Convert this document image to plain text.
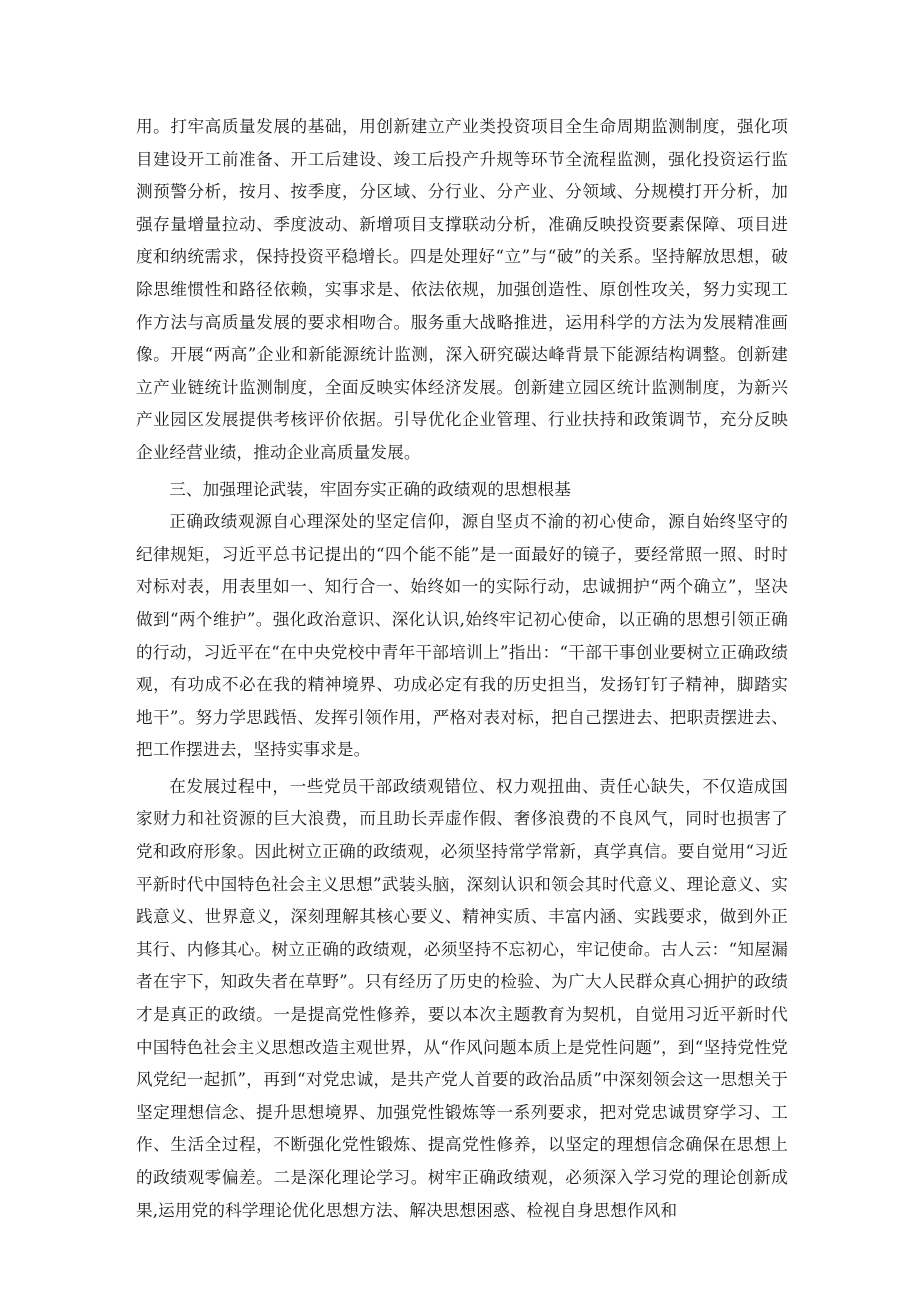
用。打牢高质量发展的基础，用创新建立产业类投资项目全生命周期监测制度，强化项目建设开工前准备、开工后建设、竣工后投产升规等环节全流程监测，强化投资运行监测预警分析，按月、按季度，分区域、分行业、分产业、分领域、分规模打开分析，加强存量增量拉动、季度波动、新增项目支撑联动分析，准确反映投资要素保障、项目进度和纳统需求，保持投资平稳增长。四是处理好“立”与“破”的关系。坚持解放思想，破除思维惯性和路径依赖，实事求是、依法依规，加强创造性、原创性攻关，努力实现工作方法与高质量发展的要求相吻合。服务重大战略推进，运用科学的方法为发展精准画像。开展“两高”企业和新能源统计监测，深入研究碳达峰背景下能源结构调整。创新建立产业链统计监测制度，全面反映实体经济发展。创新建立园区统计监测制度，为新兴产业园区发展提供考核评价依据。引导优化企业管理、行业扶持和政策调节，充分反映企业经营业绩，推动企业高质量发展。

三、加强理论武装，牢固夯实正确的政绩观的思想根基

正确政绩观源自心理深处的坚定信仰，源自坚贞不渝的初心使命，源自始终坚守的纪律规矩，习近平总书记提出的“四个能不能”是一面最好的镜子，要经常照一照、时时对标对表，用表里如一、知行合一、始终如一的实际行动，忠诚拥护“两个确立”，坚决做到“两个维护”。强化政治意识、深化认识,始终牢记初心使命，以正确的思想引领正确的行动，习近平在“在中央党校中青年干部培训上”指出：“干部干事创业要树立正确政绩观，有功成不必在我的精神境界、功成必定有我的历史担当，发扬钉钉子精神，脚踏实地干”。努力学思践悟、发挥引领作用，严格对表对标，把自己摆进去、把职责摆进去、把工作摆进去，坚持实事求是。

在发展过程中，一些党员干部政绩观错位、权力观扭曲、责任心缺失，不仅造成国家财力和社资源的巨大浪费，而且助长弄虚作假、奢侈浪费的不良风气，同时也损害了党和政府形象。因此树立正确的政绩观，必须坚持常学常新，真学真信。要自觉用“习近平新时代中国特色社会主义思想”武装头脑，深刻认识和领会其时代意义、理论意义、实践意义、世界意义，深刻理解其核心要义、精神实质、丰富内涵、实践要求，做到外正其行、内修其心。树立正确的政绩观，必须坚持不忘初心，牢记使命。古人云：“知屋漏者在宇下，知政失者在草野”。只有经历了历史的检验、为广大人民群众真心拥护的政绩才是真正的政绩。一是提高党性修养，要以本次主题教育为契机，自觉用习近平新时代中国特色社会主义思想改造主观世界，从“作风问题本质上是党性问题”，到“坚持党性党风党纪一起抓”，再到“对党忠诚，是共产党人首要的政治品质”中深刻领会这一思想关于坚定理想信念、提升思想境界、加强党性锻炼等一系列要求，把对党忠诚贯穿学习、工作、生活全过程，不断强化党性锻炼、提高党性修养，以坚定的理想信念确保在思想上的政绩观零偏差。二是深化理论学习。树牢正确政绩观，必须深入学习党的理论创新成果,运用党的科学理论优化思想方法、解决思想困惑、检视自身思想作风和
